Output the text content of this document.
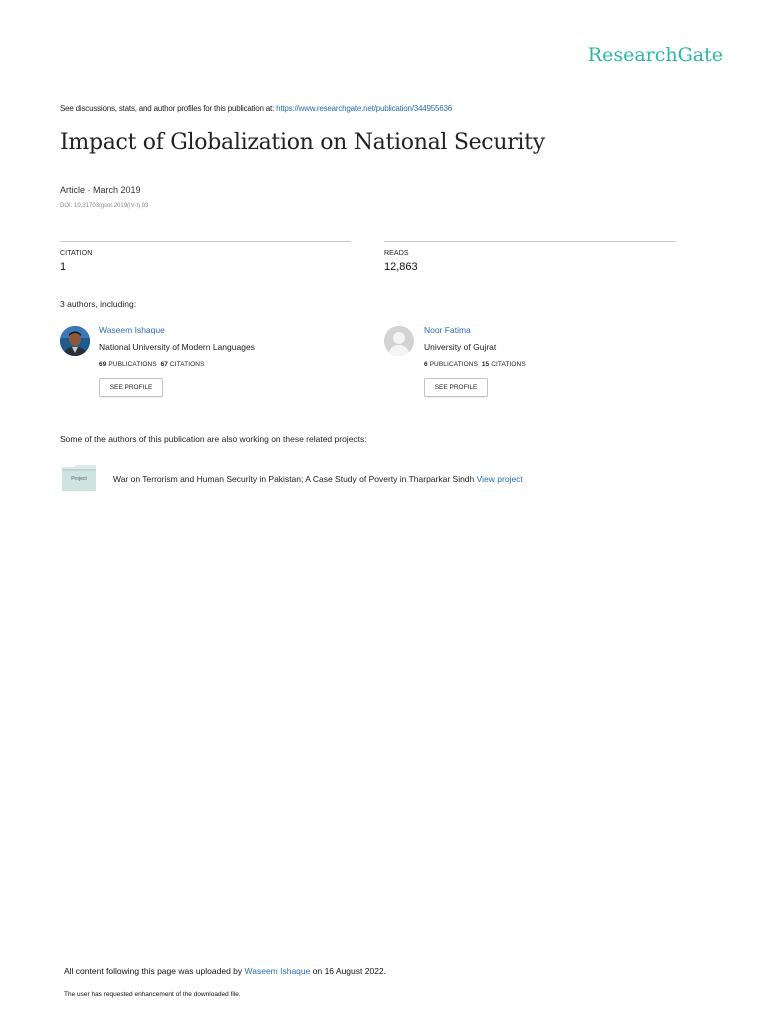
ResearchGate
See discussions, stats, and author profiles for this publication at: https://www.researchgate.net/publication/344955636
Impact of Globalization on National Security
Article · March 2019
DOI: 10.31703/gsor.2019(IV-I).03
CITATION
1
READS
12,863
3 authors, including:
Waseem Ishaque
National University of Modern Languages
69 PUBLICATIONS 67 CITATIONS
SEE PROFILE
Noor Fatima
University of Gujrat
6 PUBLICATIONS 15 CITATIONS
SEE PROFILE
Some of the authors of this publication are also working on these related projects:
Project	War on Terrorism and Human Security in Pakistan; A Case Study of Poverty in Tharparkar Sindh View project
All content following this page was uploaded by Waseem Ishaque on 16 August 2022.
The user has requested enhancement of the downloaded file.
